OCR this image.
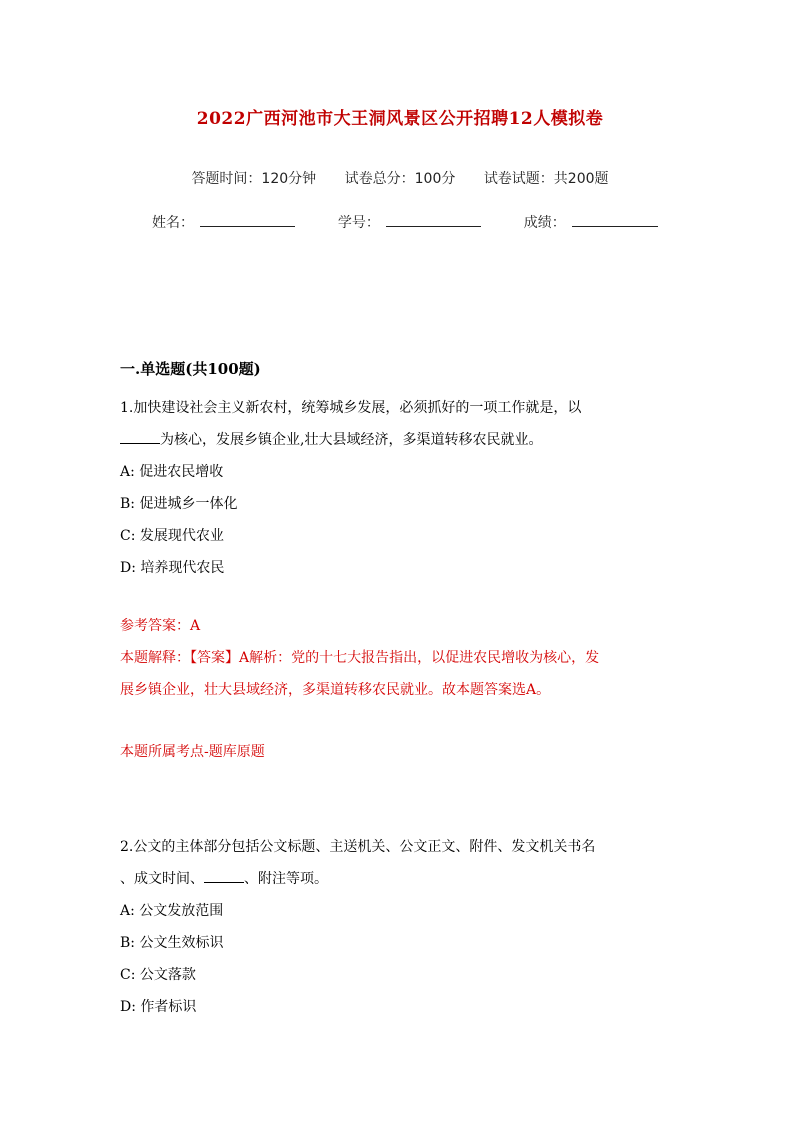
2022广西河池市大王洞风景区公开招聘12人模拟卷
答题时间：120分钟 试卷总分：100分 试卷试题：共200题
姓名：	学号：	成绩：
一.单选题(共100题)
1.加快建设社会主义新农村，统筹城乡发展，必须抓好的一项工作就是，以
为核心，发展乡镇企业,壮大县域经济，多渠道转移农民就业。
A: 促进农民增收
B: 促进城乡一体化
C: 发展现代农业
D: 培养现代农民
参考答案：A
本题解释：【答案】A解析：党的十七大报告指出，以促进农民增收为核心，发
展乡镇企业，壮大县域经济，多渠道转移农民就业。故本题答案选A。
本题所属考点-题库原题
2.公文的主体部分包括公文标题、主送机关、公文正文、附件、发文机关书名
、成文时间、	、附注等项。
A: 公文发放范围
B: 公文生效标识
C: 公文落款
D: 作者标识
